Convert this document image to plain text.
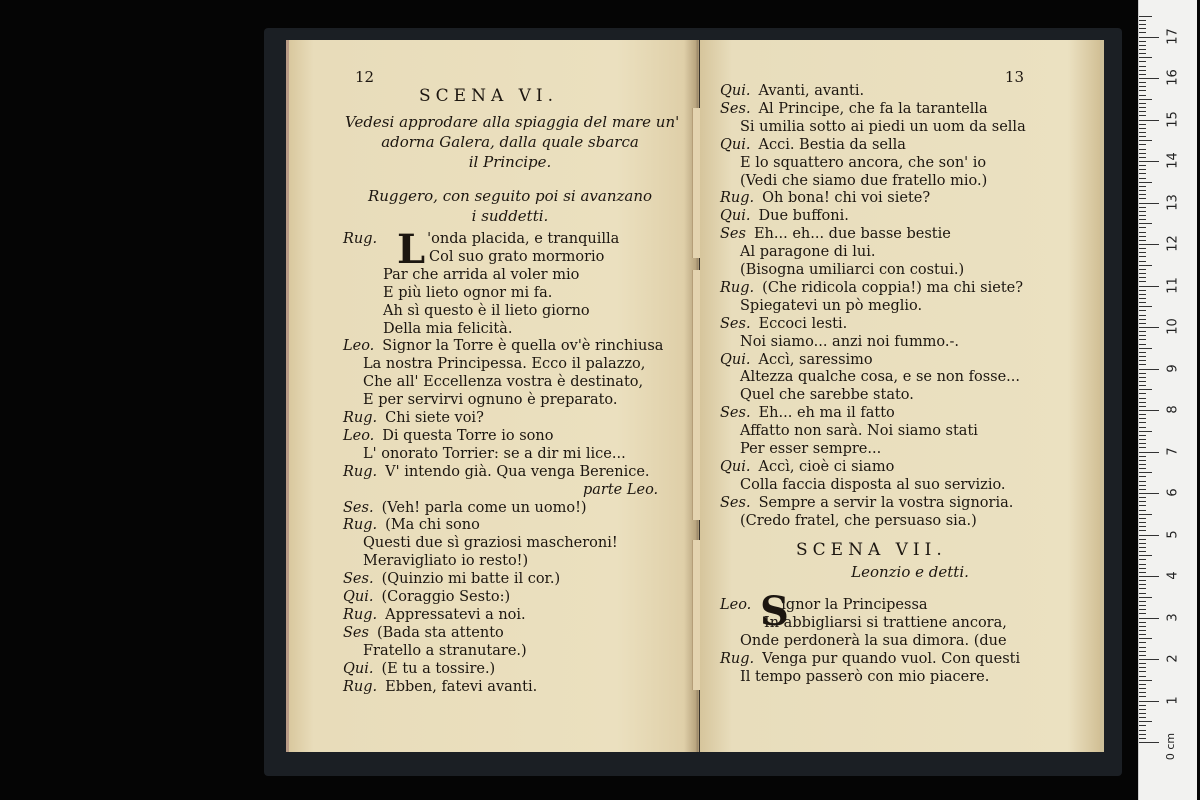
12
SCENA VI.
Vedesi approdare alla spiaggia del mare un'
adorna Galera, dalla quale sbarca
il Principe.
Ruggero, con seguito poi si avanzano
i suddetti.
L
Rug.	'onda placida, e tranquilla
Col suo grato mormorio
Par che arrida al voler mio
E più lieto ognor mi fa.
Ah sì questo è il lieto giorno
Della mia felicità.
Leo. Signor la Torre è quella ov'è rinchiusa
La nostra Principessa. Ecco il palazzo,
Che all' Eccellenza vostra è destinato,
E per servirvi ognuno è preparato.
Rug. Chi siete voi?
Leo. Di questa Torre io sono
L' onorato Torrier: se a dir mi lice...
Rug. V' intendo già. Qua venga Berenice.
parte Leo.
Ses. (Veh! parla come un uomo!)
Rug. (Ma chi sono
Questi due sì graziosi mascheroni!
Meravigliato io resto!)
Ses. (Quinzio mi batte il cor.)
Qui. (Coraggio Sesto:)
Rug. Appressatevi a noi.
Ses (Bada sta attento
Fratello a stranutare.)
Qui. (E tu a tossire.)
Rug. Ebben, fatevi avanti.
13
Qui. Avanti, avanti.
Ses. Al Principe, che fa la tarantella
Si umilia sotto ai piedi un uom da sella
Qui. Acci. Bestia da sella
E lo squattero ancora, che son' io
(Vedi che siamo due fratello mio.)
Rug. Oh bona! chi voi siete?
Qui. Due buffoni.
Ses Eh... eh... due basse bestie
Al paragone di lui.
(Bisogna umiliarci con costui.)
Rug. (Che ridicola coppia!) ma chi siete?
Spiegatevi un pò meglio.
Ses. Eccoci lesti.
Noi siamo... anzi noi fummo.-.
Qui. Accì, saressimo
Altezza qualche cosa, e se non fosse...
Quel che sarebbe stato.
Ses. Eh... eh ma il fatto
Affatto non sarà. Noi siamo stati
Per esser sempre...
Qui. Accì, cioè ci siamo
Colla faccia disposta al suo servizio.
Ses. Sempre a servir la vostra signoria.
(Credo fratel, che persuaso sia.)
SCENA VII.
Leonzio e detti.
S
Leo. ignor la Principessa
In abbigliarsi si trattiene ancora,
Onde perdonerà la sua dimora. (due
Rug. Venga pur quando vuol. Con questi
Il tempo passerò con mio piacere.
1
2
3
4
5
6
7
8
9
10
11
12
13
14
15
16
17
0 cm
